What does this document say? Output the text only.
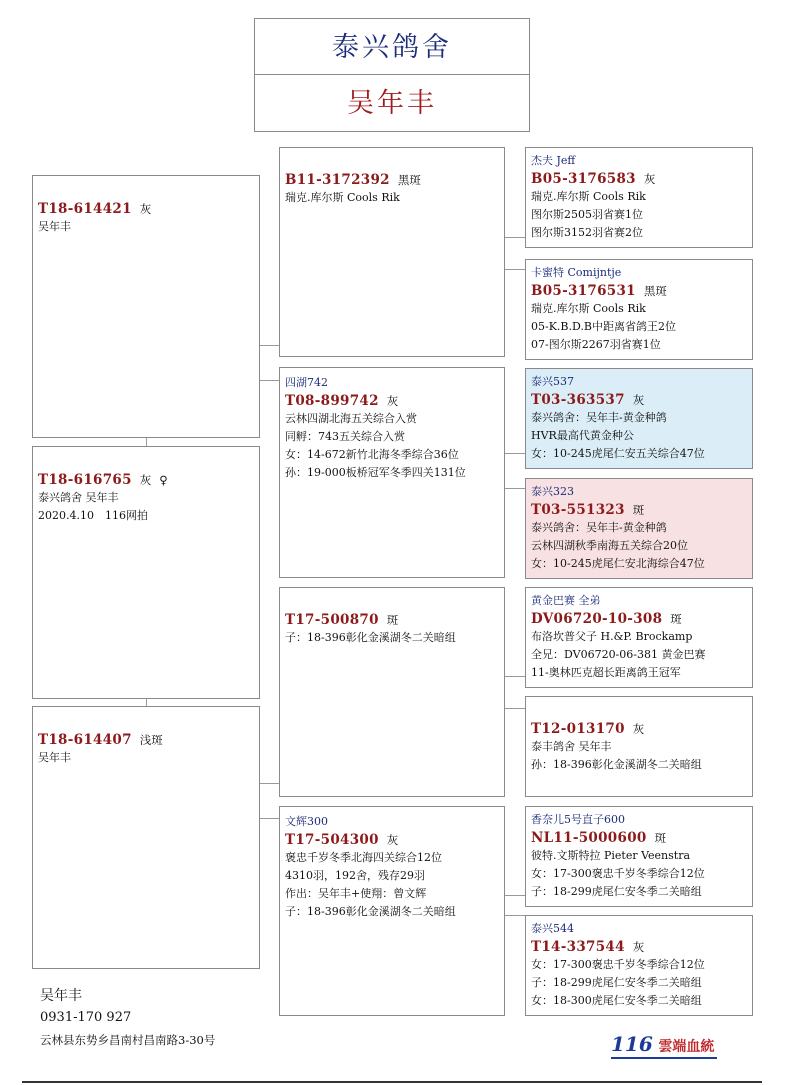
泰兴鸽舍
吴年丰
T18-614421 灰
吴年丰
T18-616765 灰 ♀
泰兴鸽舍 吴年丰
2020.4.10　116网拍
T18-614407 浅斑
吴年丰
B11-3172392 黑斑
瑞克.库尔斯 Cools Rik
四湖742
T08-899742 灰
云林四湖北海五关综合入赏
同孵：743五关综合入赏
女：14-672新竹北海冬季综合36位
孙：19-000板桥冠军冬季四关131位
T17-500870 斑
子：18-396彰化金溪湖冬二关暗组
文辉300
T17-504300 灰
褒忠千岁冬季北海四关综合12位
4310羽，192舍，残存29羽
作出：吴年丰+使翔：曾文辉
子：18-396彰化金溪湖冬二关暗组
杰夫 Jeff
B05-3176583 灰
瑞克.库尔斯 Cools Rik
图尔斯2505羽省赛1位
图尔斯3152羽省赛2位
卡蜜特 Comijntje
B05-3176531 黑斑
瑞克.库尔斯 Cools Rik
05-K.B.D.B中距离省鸽王2位
07-图尔斯2267羽省赛1位
泰兴537
T03-363537 灰
泰兴鸽舍：吴年丰-黄金种鸽
HVR最高代黄金种公
女：10-245虎尾仁安五关综合47位
泰兴323
T03-551323 斑
泰兴鸽舍：吴年丰-黄金种鸽
云林四湖秋季南海五关综合20位
女：10-245虎尾仁安北海综合47位
黄金巴赛 全弟
DV06720-10-308 斑
布洛坎普父子 H.&P. Brockamp
全兄：DV06720-06-381 黄金巴赛
11-奥林匹克超长距离鸽王冠军
T12-013170 灰
泰丰鸽舍 吴年丰
孙：18-396彰化金溪湖冬二关暗组
香奈儿5号直子600
NL11-5000600 斑
彼特.文斯特拉 Pieter Veenstra
女：17-300褒忠千岁冬季综合12位
子：18-299虎尾仁安冬季二关暗组
泰兴544
T14-337544 灰
女：17-300褒忠千岁冬季综合12位
子：18-299虎尾仁安冬季二关暗组
女：18-300虎尾仁安冬季二关暗组
吴年丰
0931-170 927
云林县东势乡昌南村昌南路3-30号	116 雲端血統
